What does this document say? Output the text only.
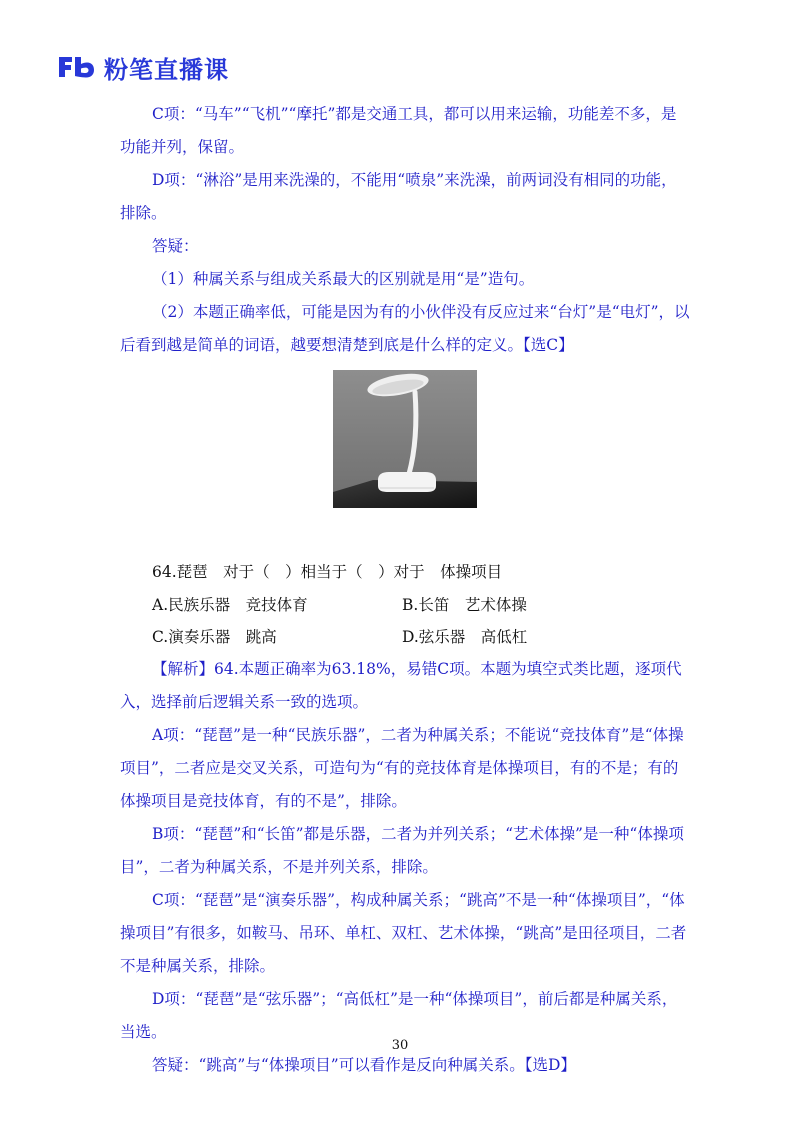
粉笔直播课

C项：“马车”“飞机”“摩托”都是交通工具，都可以用来运输，功能差不多，是功能并列，保留。

D项：“淋浴”是用来洗澡的，不能用“喷泉”来洗澡，前两词没有相同的功能，排除。

答疑：

（1）种属关系与组成关系最大的区别就是用“是”造句。

（2）本题正确率低，可能是因为有的小伙伴没有反应过来“台灯”是“电灯”，以后看到越是简单的词语，越要想清楚到底是什么样的定义。【选C】

64.琵琶　对于（　）相当于（　）对于　体操项目

A.民族乐器　竞技体育	B.长笛　艺术体操
C.演奏乐器　跳高	D.弦乐器　高低杠

【解析】64.本题正确率为63.18%，易错C项。本题为填空式类比题，逐项代入，选择前后逻辑关系一致的选项。

A项：“琵琶”是一种“民族乐器”，二者为种属关系；不能说“竞技体育”是“体操项目”，二者应是交叉关系，可造句为“有的竞技体育是体操项目，有的不是；有的体操项目是竞技体育，有的不是”，排除。

B项：“琵琶”和“长笛”都是乐器，二者为并列关系；“艺术体操”是一种“体操项目”，二者为种属关系，不是并列关系，排除。

C项：“琵琶”是“演奏乐器”，构成种属关系；“跳高”不是一种“体操项目”，“体操项目”有很多，如鞍马、吊环、单杠、双杠、艺术体操，“跳高”是田径项目，二者不是种属关系，排除。

D项：“琵琶”是“弦乐器”；“高低杠”是一种“体操项目”，前后都是种属关系，当选。

答疑：“跳高”与“体操项目”可以看作是反向种属关系。【选D】

30
